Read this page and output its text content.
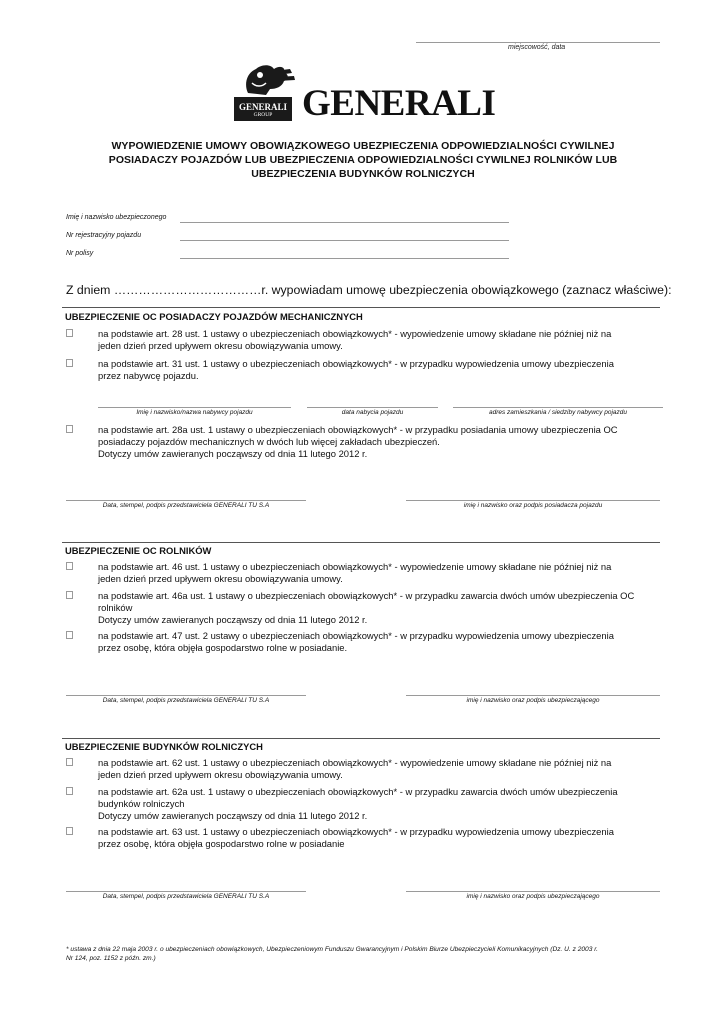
miejscowość, data
GENERALI
GROUP GENERALI
WYPOWIEDZENIE UMOWY OBOWIĄZKOWEGO UBEZPIECZENIA ODPOWIEDZIALNOŚCI CYWILNEJ
POSIADACZY POJAZDÓW LUB UBEZPIECZENIA ODPOWIEDZIALNOŚCI CYWILNEJ ROLNIKÓW LUB
UBEZPIECZENIA BUDYNKÓW ROLNICZYCH
Imię i nazwisko ubezpieczonego
Nr rejestracyjny pojazdu
Nr polisy
Z dniem ………………………………r. wypowiadam umowę ubezpieczenia obowiązkowego (zaznacz właściwe):
UBEZPIECZENIE OC POSIADACZY POJAZDÓW MECHANICZNYCH
na podstawie art. 28 ust. 1 ustawy o ubezpieczeniach obowiązkowych* - wypowiedzenie umowy składane nie później niż na
jeden dzień przed upływem okresu obowiązywania umowy.
na podstawie art. 31 ust. 1 ustawy o ubezpieczeniach obowiązkowych* - w przypadku wypowiedzenia umowy ubezpieczenia
przez nabywcę pojazdu.
Imię i nazwisko/nazwa nabywcy pojazdu	data nabycia pojazdu	adres zamieszkania / siedziby nabywcy pojazdu
na podstawie art. 28a ust. 1 ustawy o ubezpieczeniach obowiązkowych* - w przypadku posiadania umowy ubezpieczenia OC
posiadaczy pojazdów mechanicznych w dwóch lub więcej zakładach ubezpieczeń.
Dotyczy umów zawieranych począwszy od dnia 11 lutego 2012 r.
Data, stempel, podpis przedstawiciela GENERALI TU S.A	imię i nazwisko oraz podpis posiadacza pojazdu
UBEZPIECZENIE OC ROLNIKÓW
na podstawie art. 46 ust. 1 ustawy o ubezpieczeniach obowiązkowych* - wypowiedzenie umowy składane nie później niż na
jeden dzień przed upływem okresu obowiązywania umowy.
na podstawie art. 46a ust. 1 ustawy o ubezpieczeniach obowiązkowych* - w przypadku zawarcia dwóch umów ubezpieczenia OC
rolników
Dotyczy umów zawieranych począwszy od dnia 11 lutego 2012 r.
na podstawie art. 47 ust. 2 ustawy o ubezpieczeniach obowiązkowych* - w przypadku wypowiedzenia umowy ubezpieczenia
przez osobę, która objęła gospodarstwo rolne w posiadanie.
Data, stempel, podpis przedstawiciela GENERALI TU S.A	imię i nazwisko oraz podpis ubezpieczającego
UBEZPIECZENIE BUDYNKÓW ROLNICZYCH
na podstawie art. 62 ust. 1 ustawy o ubezpieczeniach obowiązkowych* - wypowiedzenie umowy składane nie później niż na
jeden dzień przed upływem okresu obowiązywania umowy.
na podstawie art. 62a ust. 1 ustawy o ubezpieczeniach obowiązkowych* - w przypadku zawarcia dwóch umów ubezpieczenia
budynków rolniczych
Dotyczy umów zawieranych począwszy od dnia 11 lutego 2012 r.
na podstawie art. 63 ust. 1 ustawy o ubezpieczeniach obowiązkowych* - w przypadku wypowiedzenia umowy ubezpieczenia
przez osobę, która objęła gospodarstwo rolne w posiadanie
Data, stempel, podpis przedstawiciela GENERALI TU S.A	imię i nazwisko oraz podpis ubezpieczającego
* ustawa z dnia 22 maja 2003 r. o ubezpieczeniach obowiązkowych, Ubezpieczeniowym Funduszu Gwarancyjnym i Polskim Biurze Ubezpieczycieli Komunikacyjnych (Dz. U. z 2003 r.
Nr 124, poz. 1152 z późn. zm.)
